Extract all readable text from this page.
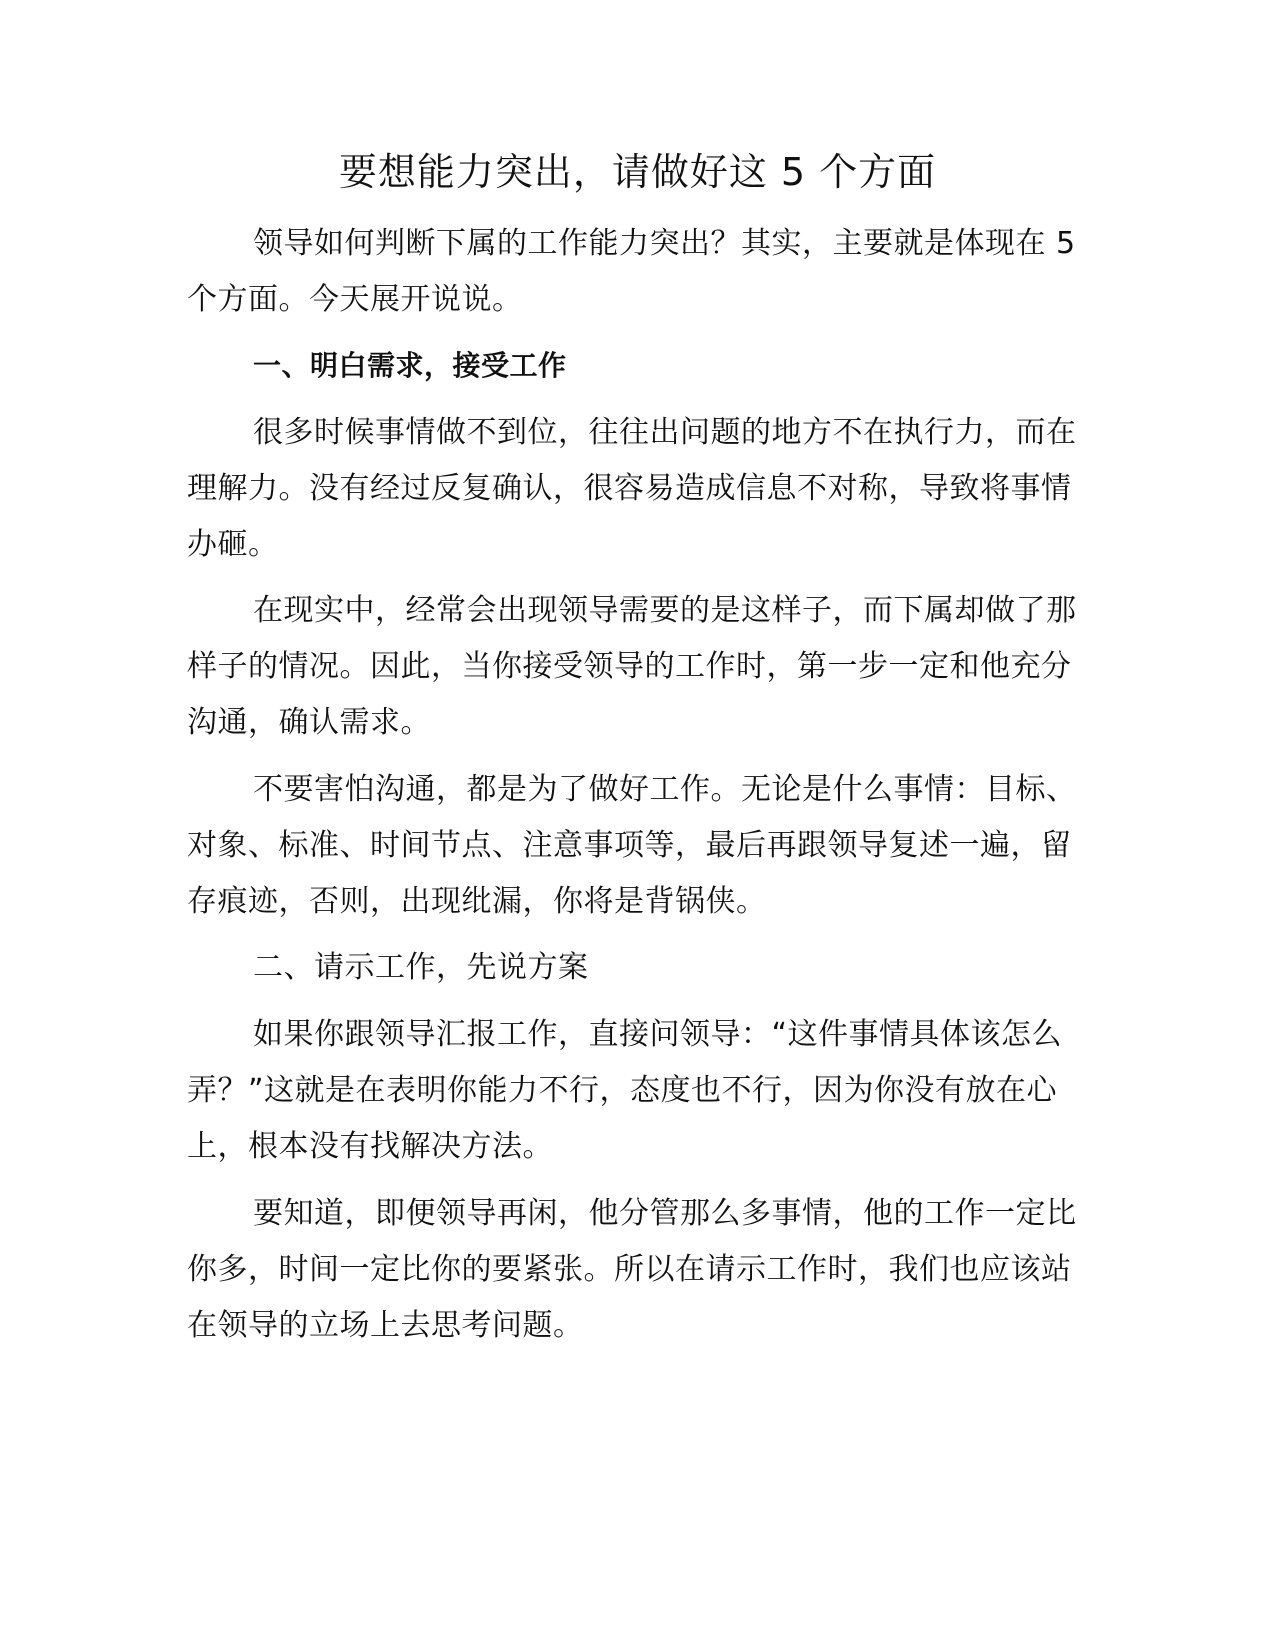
要想能力突出，请做好这 5 个方面

领导如何判断下属的工作能力突出？其实，主要就是体现在 5 个方面。今天展开说说。

一、明白需求，接受工作

很多时候事情做不到位，往往出问题的地方不在执行力，而在理解力。没有经过反复确认，很容易造成信息不对称，导致将事情办砸。

在现实中，经常会出现领导需要的是这样子，而下属却做了那样子的情况。因此，当你接受领导的工作时，第一步一定和他充分沟通，确认需求。

不要害怕沟通，都是为了做好工作。无论是什么事情：目标、对象、标准、时间节点、注意事项等，最后再跟领导复述一遍，留存痕迹，否则，出现纰漏，你将是背锅侠。

二、请示工作，先说方案

如果你跟领导汇报工作，直接问领导：“这件事情具体该怎么弄？”这就是在表明你能力不行，态度也不行，因为你没有放在心上，根本没有找解决方法。

要知道，即便领导再闲，他分管那么多事情，他的工作一定比你多，时间一定比你的要紧张。所以在请示工作时，我们也应该站在领导的立场上去思考问题。
